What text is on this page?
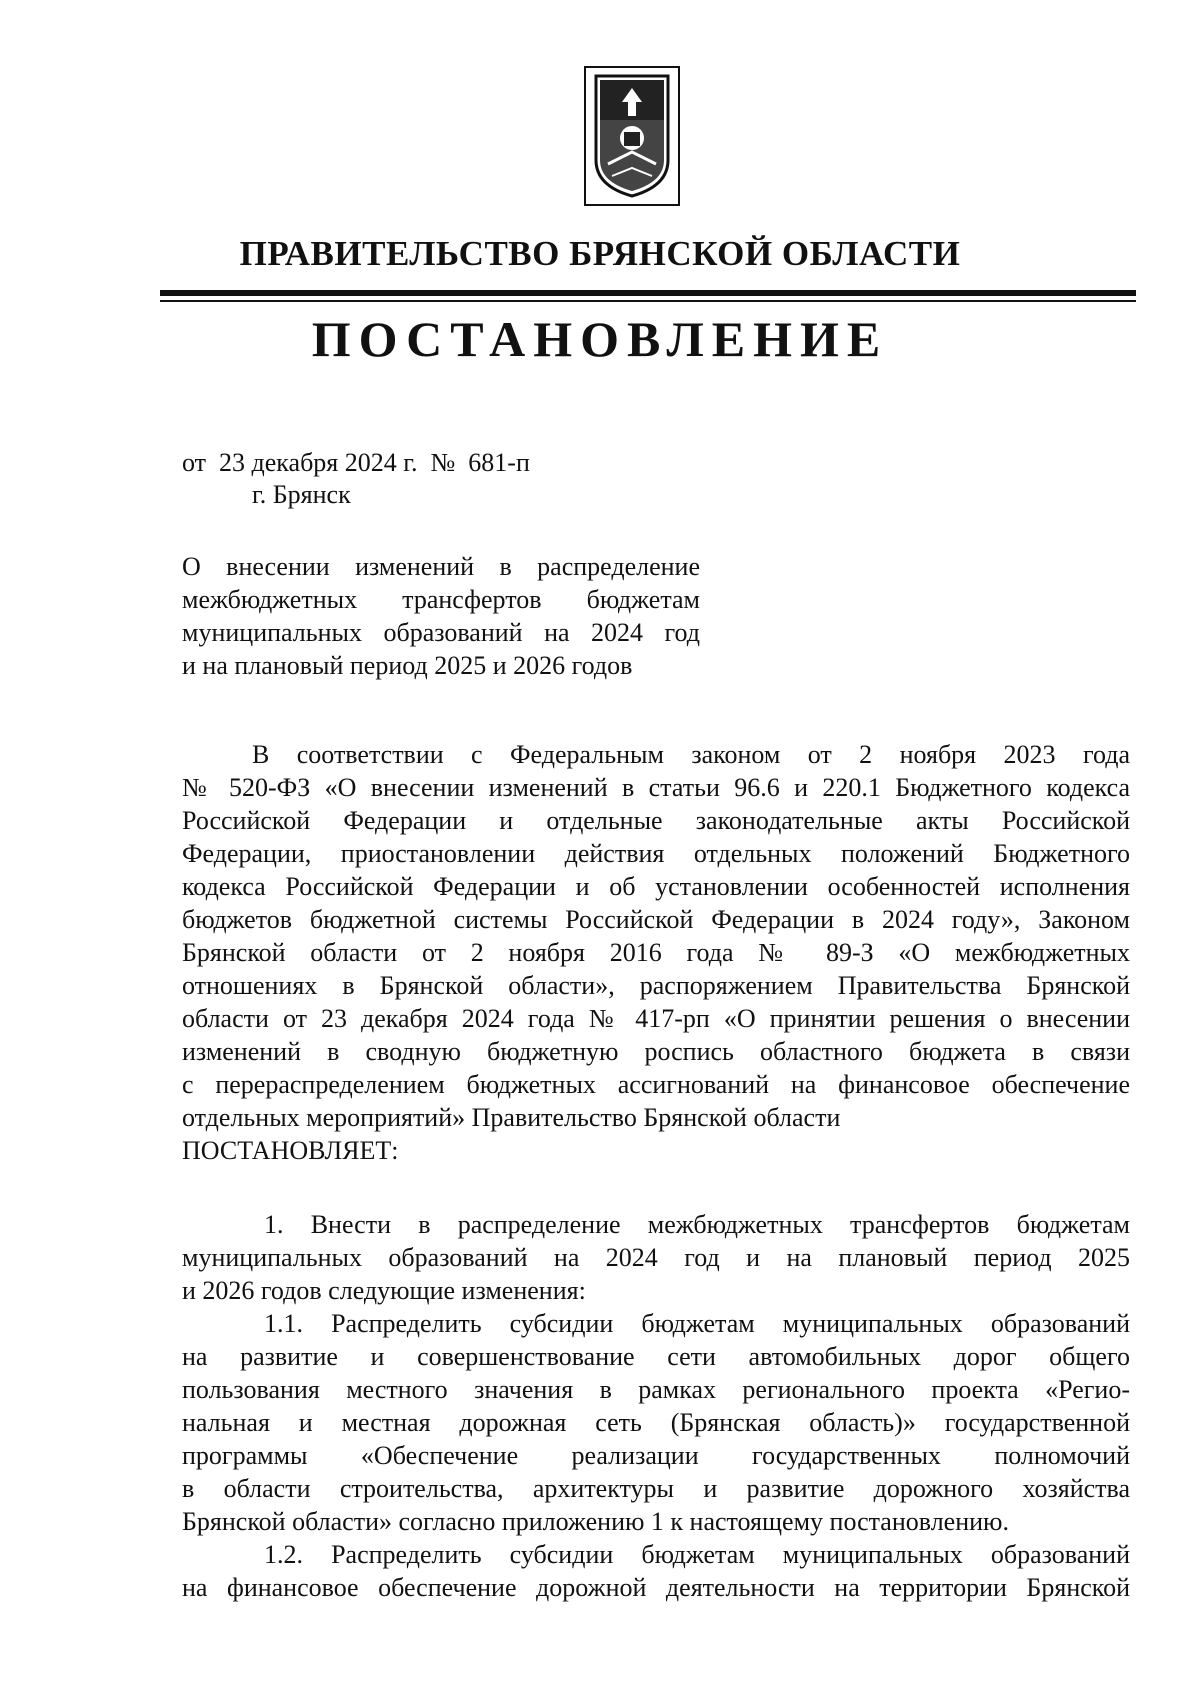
ПРАВИТЕЛЬСТВО БРЯНСКОЙ ОБЛАСТИ
ПОСТАНОВЛЕНИЕ
от  23 декабря 2024 г.  №  681-п
г. Брянск
О внесении изменений в распределение
межбюджетных трансфертов бюджетам
муниципальных образований на 2024 год
и на плановый период 2025 и 2026 годов
В соответствии с Федеральным законом от 2 ноября 2023 года
№ 520-ФЗ «О внесении изменений в статьи 96.6 и 220.1 Бюджетного кодекса
Российской Федерации и отдельные законодательные акты Российской
Федерации, приостановлении действия отдельных положений Бюджетного
кодекса Российской Федерации и об установлении особенностей исполнения
бюджетов бюджетной системы Российской Федерации в 2024 году», Законом
Брянской области от 2 ноября 2016 года № 89-З «О межбюджетных
отношениях в Брянской области», распоряжением Правительства Брянской
области от 23 декабря 2024 года № 417-рп «О принятии решения о внесении
изменений в сводную бюджетную роспись областного бюджета в связи
с перераспределением бюджетных ассигнований на финансовое обеспечение
отдельных мероприятий» Правительство Брянской области
ПОСТАНОВЛЯЕТ:
1. Внести в распределение межбюджетных трансфертов бюджетам
муниципальных образований на 2024 год и на плановый период 2025
и 2026 годов следующие изменения:
1.1. Распределить субсидии бюджетам муниципальных образований
на развитие и совершенствование сети автомобильных дорог общего
пользования местного значения в рамках регионального проекта «Регио-
нальная и местная дорожная сеть (Брянская область)» государственной
программы «Обеспечение реализации государственных полномочий
в области строительства, архитектуры и развитие дорожного хозяйства
Брянской области» согласно приложению 1 к настоящему постановлению.
1.2. Распределить субсидии бюджетам муниципальных образований
на финансовое обеспечение дорожной деятельности на территории Брянской
